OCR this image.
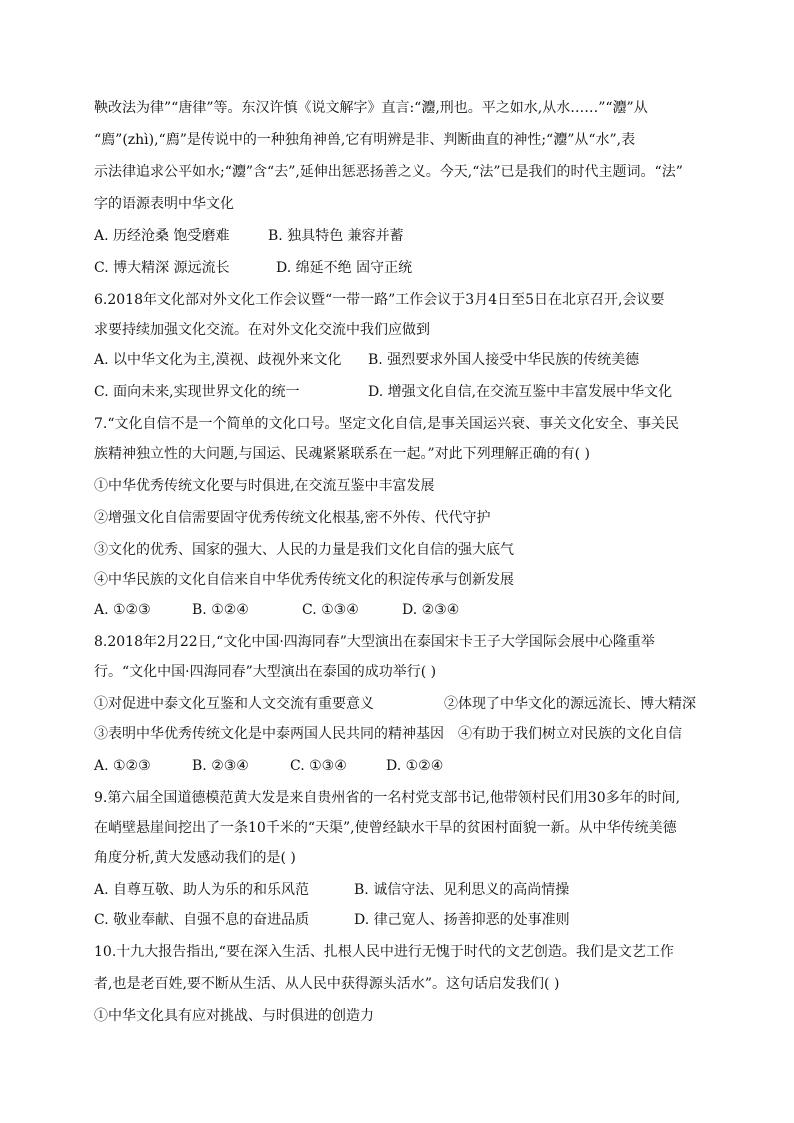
鞅改法为律”“唐律”等。东汉许慎《说文解字》直言:“灋,刑也。平之如水,从水……”“灋”从
“廌”(zhì),“廌”是传说中的一种独角神兽,它有明辨是非、判断曲直的神性;“灋”从“水”,表
示法律追求公平如水;“灋”含“去”,延伸出惩恶扬善之义。今天,“法”已是我们的时代主题词。“法”
字的语源表明中华文化
A. 历经沧桑 饱受磨难	B. 独具特色 兼容并蓄
C. 博大精深 源远流长	D. 绵延不绝 固守正统
6.2018年文化部对外文化工作会议暨“一带一路”工作会议于3月4日至5日在北京召开,会议要
求要持续加强文化交流。在对外文化交流中我们应做到
A. 以中华文化为主,漠视、歧视外来文化 B. 强烈要求外国人接受中华民族的传统美德
C. 面向未来,实现世界文化的统一	D. 增强文化自信,在交流互鉴中丰富发展中华文化
7.“文化自信不是一个简单的文化口号。坚定文化自信,是事关国运兴衰、事关文化安全、事关民
族精神独立性的大问题,与国运、民魂紧紧联系在一起。”对此下列理解正确的有( )
①中华优秀传统文化要与时俱进,在交流互鉴中丰富发展
②增强文化自信需要固守优秀传统文化根基,密不外传、代代守护
③文化的优秀、国家的强大、人民的力量是我们文化自信的强大底气
④中华民族的文化自信来自中华优秀传统文化的积淀传承与创新发展
A. ①②③	B. ①②④	C. ①③④	D. ②③④
8.2018年2月22日,“文化中国·四海同春”大型演出在泰国宋卡王子大学国际会展中心隆重举
行。“文化中国·四海同春”大型演出在泰国的成功举行( )
①对促进中泰文化互鉴和人文交流有重要意义	②体现了中华文化的源远流长、博大精深
③表明中华优秀传统文化是中泰两国人民共同的精神基因 ④有助于我们树立对民族的文化自信
A. ①②③	B. ②③④	C. ①③④	D. ①②④
9.第六届全国道德模范黄大发是来自贵州省的一名村党支部书记,他带领村民们用30多年的时间,
在峭壁悬崖间挖出了一条10千米的“天渠”,使曾经缺水干旱的贫困村面貌一新。从中华传统美德
角度分析,黄大发感动我们的是( )
A. 自尊互敬、助人为乐的和乐风范	B. 诚信守法、见利思义的高尚情操
C. 敬业奉献、自强不息的奋进品质	D. 律己宽人、扬善抑恶的处事准则
10.十九大报告指出,“要在深入生活、扎根人民中进行无愧于时代的文艺创造。我们是文艺工作
者,也是老百姓,要不断从生活、从人民中获得源头活水”。这句话启发我们( )
①中华文化具有应对挑战、与时俱进的创造力
